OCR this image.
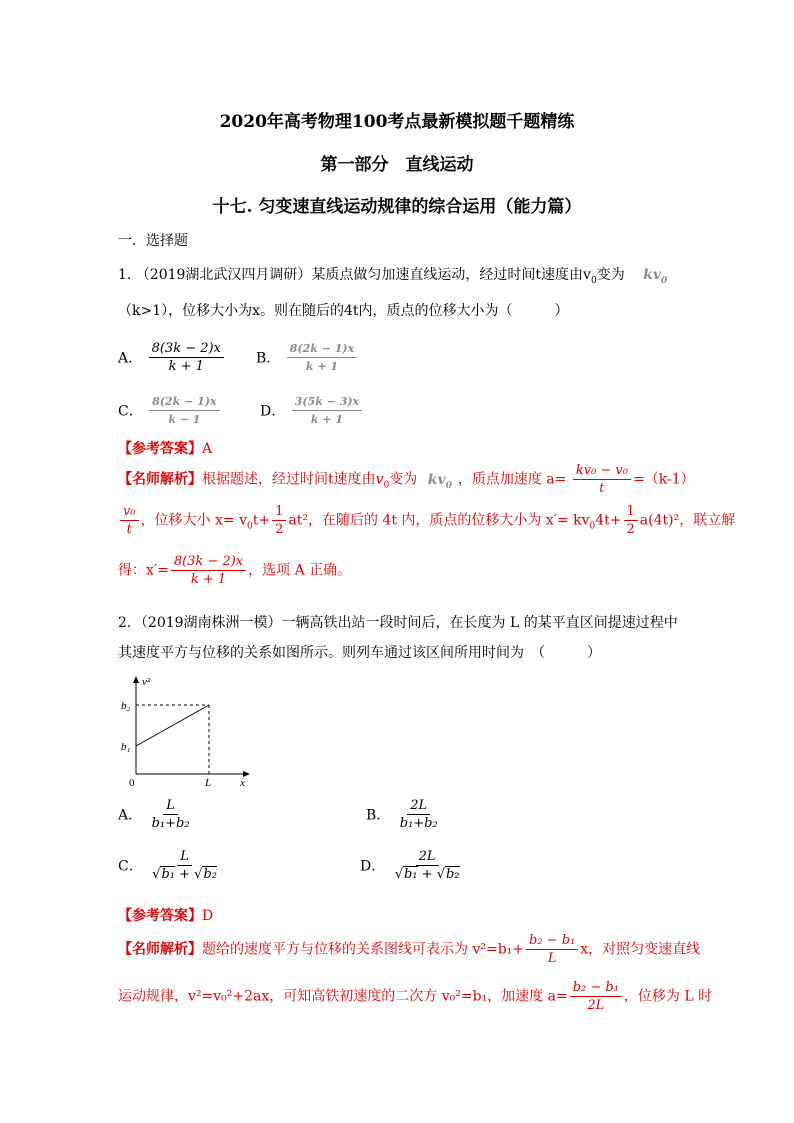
2020年高考物理100考点最新模拟题千题精练
第一部分　直线运动
十七. 匀变速直线运动规律的综合运用（能力篇）
一．选择题
1. （2019湖北武汉四月调研）某质点做匀加速直线运动，经过时间t速度由$v_0$变为 $kv_0$
（k>1），位移大小为x。则在随后的4t内，质点的位移大小为（　　　）
A． $\frac{8(3k - 2)x}{k + 1}$ B． $\frac{8(2k - 1)x}{k + 1}$
C． $\frac{8(2k - 1)x}{k - 1}$	D． $\frac{3(5k - 3)x}{k + 1}$
【参考答案】A
【名师解析】根据题述，经过时间t速度由$v_0$变为 $kv_0$ ，质点加速度 $a= \frac{\text{kv₀ − v₀}}{t} =(k-1)$
$\frac{\text{v₀}}{t}$ ，位移大小 $x= v_0t+ \frac{1}{2} at^2$，在随后的 4t 内，质点的位移大小为 $x'= kv_04t+ \frac{1}{2} a(4t)^2$，联立解
得：$x'= \frac{8(3k - 2)x}{k + 1}$ ，选项 A 正确。
2．（2019湖南株洲一模）一辆高铁出站一段时间后，在长度为 L 的某平直区间提速过程中
其速度平方与位移的关系如图所示。则列车通过该区间所用时间为　（　　　）
v²
b₂
b₁
0	L	x
A． $\frac{L}{\text{b₁+b₂}}$	B． $\frac{2L}{\text{b₁+b₂}}$
C． $\frac{L}{\text{√b₁ + √b₂}}$	D． $\frac{2L}{\text{√b₁ + √b₂}}$
【参考答案】D
【名师解析】题给的速度平方与位移的关系图线可表示为 $v^2=b_1+ \frac{\text{b₂ − b₁}}{L}$ x，对照匀变速直线
运动规律，v²=v₀²+2ax，可知高铁初速度的二次方 v₀²=b₁，加速度 $a= \frac{\text{b₂ − b₁}}{2L}$ ，位移为 L 时
